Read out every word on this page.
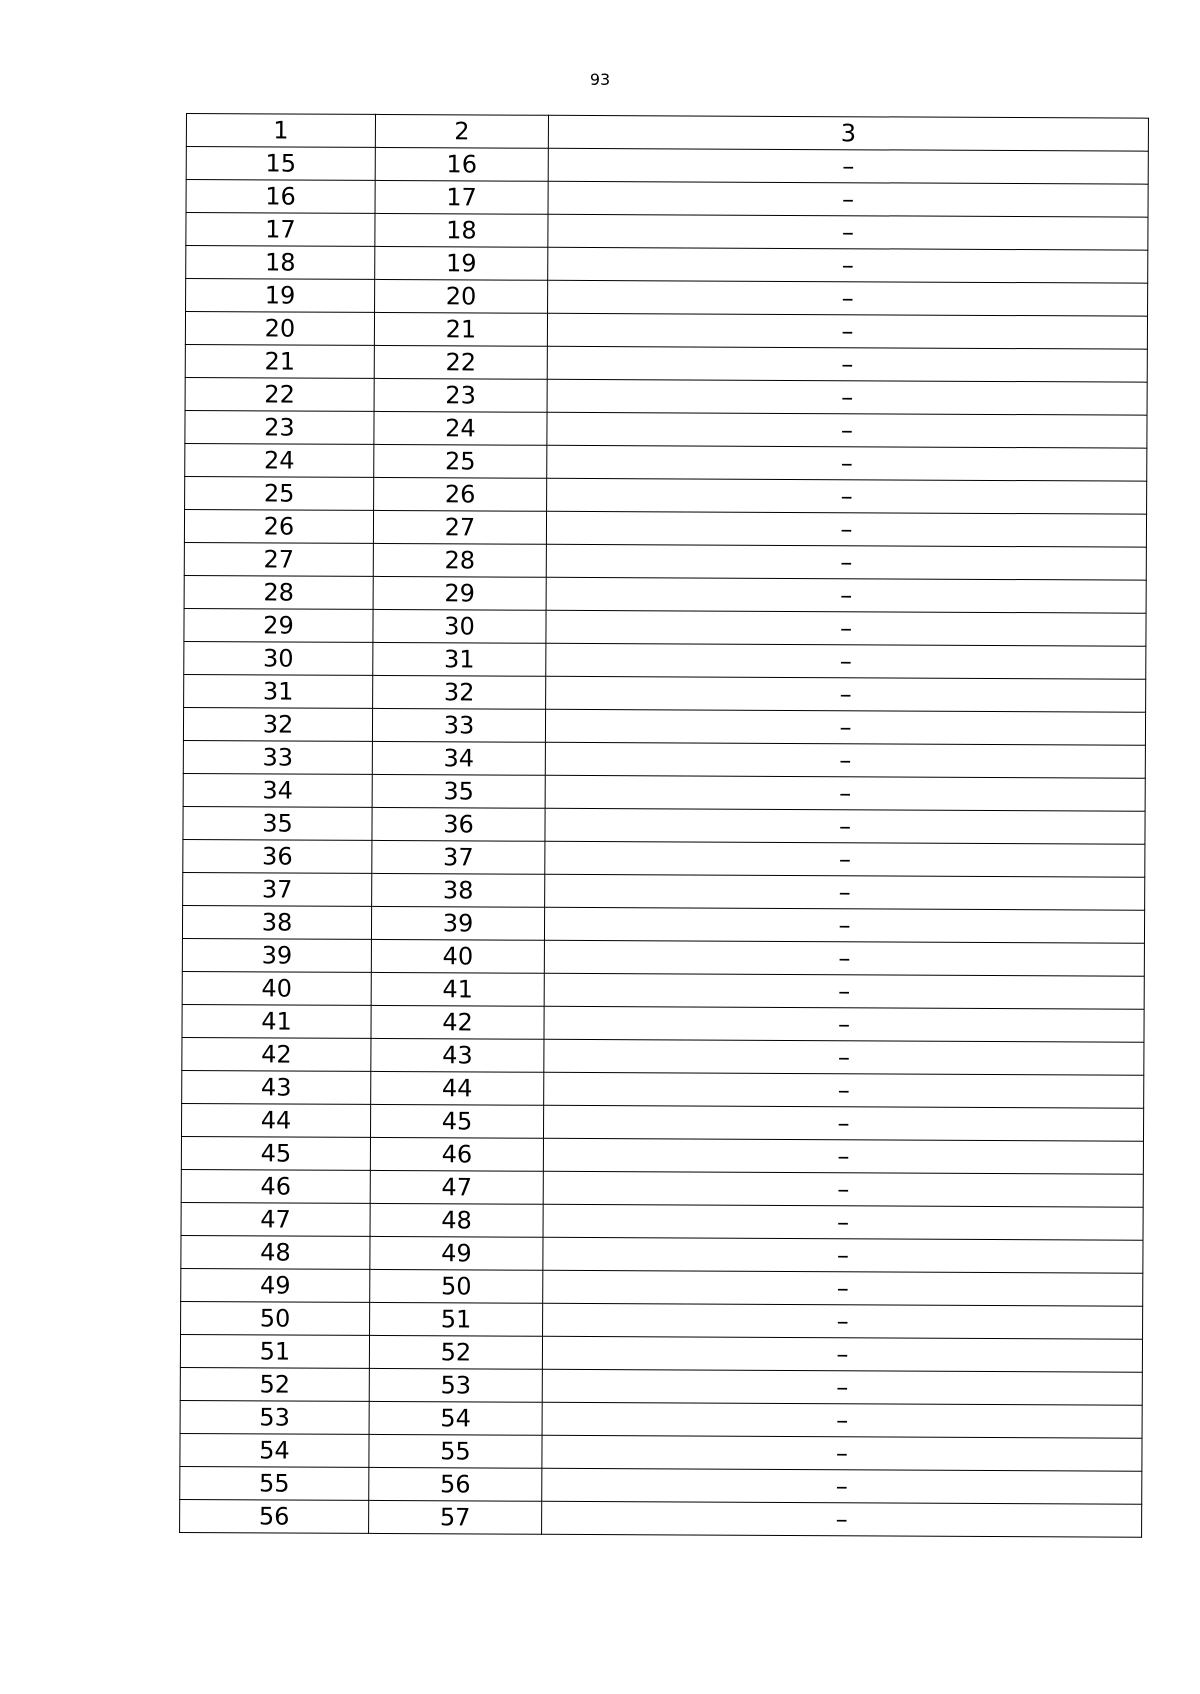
93
1	2	3
15	16	–
16	17	–
17	18	–
18	19	–
19	20	–
20	21	–
21	22	–
22	23	–
23	24	–
24	25	–
25	26	–
26	27	–
27	28	–
28	29	–
29	30	–
30	31	–
31	32	–
32	33	–
33	34	–
34	35	–
35	36	–
36	37	–
37	38	–
38	39	–
39	40	–
40	41	–
41	42	–
42	43	–
43	44	–
44	45	–
45	46	–
46	47	–
47	48	–
48	49	–
49	50	–
50	51	–
51	52	–
52	53	–
53	54	–
54	55	–
55	56	–
56	57	–
